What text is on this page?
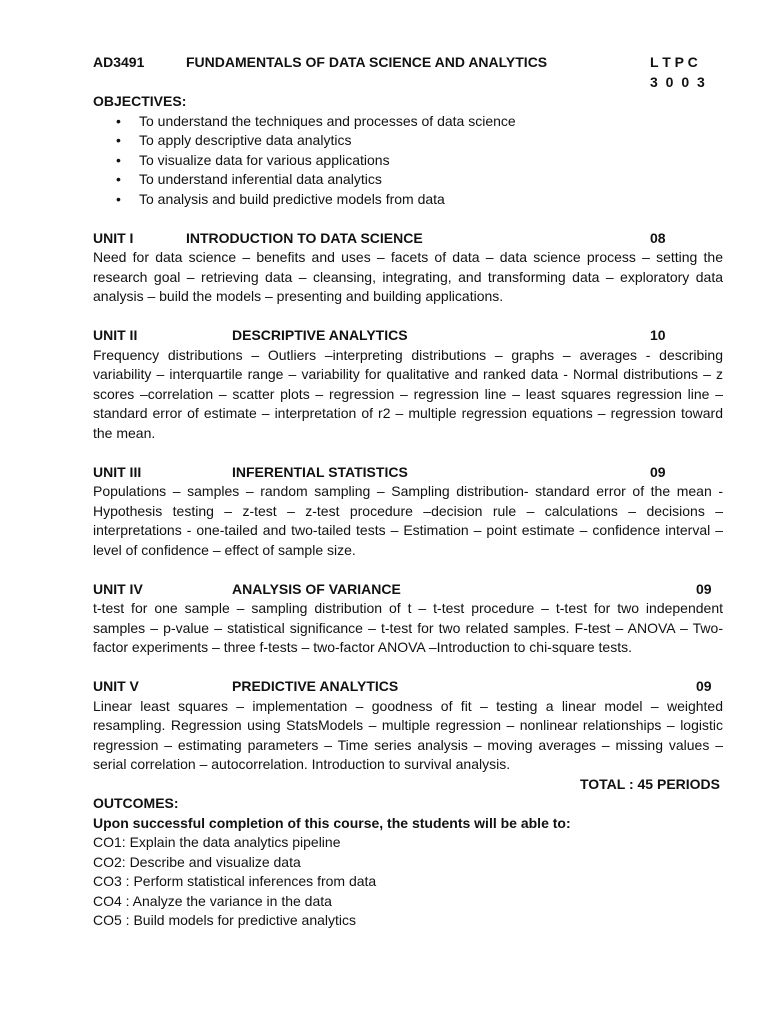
AD3491	FUNDAMENTALS OF DATA SCIENCE AND ANALYTICS	L T P C
3 0 0 3
OBJECTIVES:
• To understand the techniques and processes of data science
• To apply descriptive data analytics
• To visualize data for various applications
• To understand inferential data analytics
• To analysis and build predictive models from data
UNIT I	INTRODUCTION TO DATA SCIENCE	08

Need for data science – benefits and uses – facets of data – data science process – setting the research goal – retrieving data – cleansing, integrating, and transforming data – exploratory data analysis – build the models – presenting and building applications.

UNIT II	DESCRIPTIVE ANALYTICS	10

Frequency distributions – Outliers –interpreting distributions – graphs – averages - describing variability – interquartile range – variability for qualitative and ranked data - Normal distributions – z scores –correlation – scatter plots – regression – regression line – least squares regression line – standard error of estimate – interpretation of r2 – multiple regression equations – regression toward the mean.

UNIT III	INFERENTIAL STATISTICS	09

Populations – samples – random sampling – Sampling distribution- standard error of the mean - Hypothesis testing – z-test – z-test procedure –decision rule – calculations – decisions – interpretations - one-tailed and two-tailed tests – Estimation – point estimate – confidence interval – level of confidence – effect of sample size.

UNIT IV	ANALYSIS OF VARIANCE	09

t-test for one sample – sampling distribution of t – t-test procedure – t-test for two independent samples – p-value – statistical significance – t-test for two related samples. F-test – ANOVA – Two-factor experiments – three f-tests – two-factor ANOVA –Introduction to chi-square tests.

UNIT V	PREDICTIVE ANALYTICS	09

Linear least squares – implementation – goodness of fit – testing a linear model – weighted resampling. Regression using StatsModels – multiple regression – nonlinear relationships – logistic regression – estimating parameters – Time series analysis – moving averages – missing values – serial correlation – autocorrelation. Introduction to survival analysis.

TOTAL : 45 PERIODS
OUTCOMES:
Upon successful completion of this course, the students will be able to:
CO1: Explain the data analytics pipeline
CO2: Describe and visualize data
CO3 : Perform statistical inferences from data
CO4 : Analyze the variance in the data
CO5 : Build models for predictive analytics
